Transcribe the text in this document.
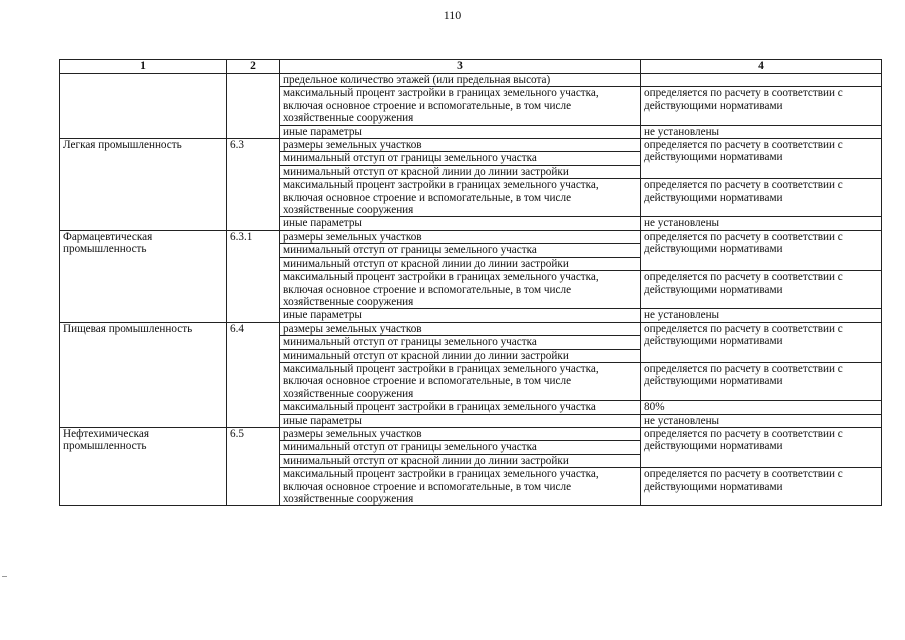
110
1	2	3	4
		предельное количество этажей (или предельная высота)	
		максимальный процент застройки в границах земельного участка, включая основное строение и вспомогательные, в том числе хозяйственные сооружения	определяется по расчету в соответствии с действующими нормативами
		иные параметры	не установлены
Легкая промышленность	6.3	размеры земельных участков	определяется по расчету в соответствии с действующими нормативами
		минимальный отступ от границы земельного участка	
		минимальный отступ от красной линии до линии застройки	
		максимальный процент застройки в границах земельного участка, включая основное строение и вспомогательные, в том числе хозяйственные сооружения	определяется по расчету в соответствии с действующими нормативами
		иные параметры	не установлены
Фармацевтическая промышленность	6.3.1	размеры земельных участков	определяется по расчету в соответствии с действующими нормативами
		минимальный отступ от границы земельного участка	
		минимальный отступ от красной линии до линии застройки	
		максимальный процент застройки в границах земельного участка, включая основное строение и вспомогательные, в том числе хозяйственные сооружения	определяется по расчету в соответствии с действующими нормативами
		иные параметры	не установлены
Пищевая промышленность	6.4	размеры земельных участков	определяется по расчету в соответствии с действующими нормативами
		минимальный отступ от границы земельного участка	
		минимальный отступ от красной линии до линии застройки	
		максимальный процент застройки в границах земельного участка, включая основное строение и вспомогательные, в том числе хозяйственные сооружения	определяется по расчету в соответствии с действующими нормативами
		максимальный процент застройки в границах земельного участка	80%
		иные параметры	не установлены
Нефтехимическая промышленность	6.5	размеры земельных участков	определяется по расчету в соответствии с действующими нормативами
		минимальный отступ от границы земельного участка	
		минимальный отступ от красной линии до линии застройки	
		максимальный процент застройки в границах земельного участка, включая основное строение и вспомогательные, в том числе хозяйственные сооружения	определяется по расчету в соответствии с действующими нормативами
